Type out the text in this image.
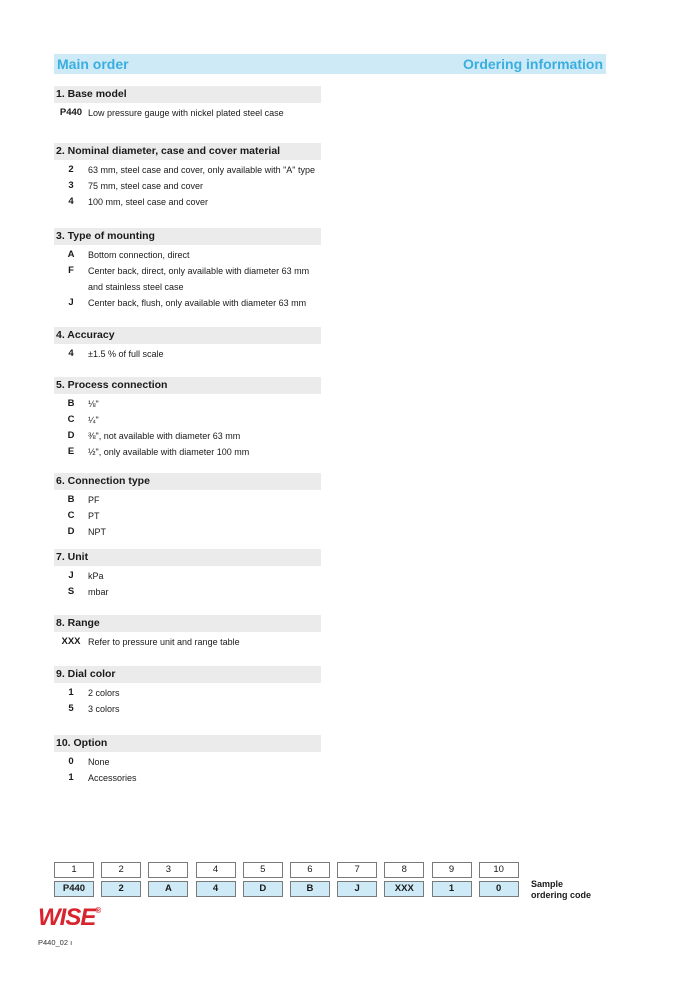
Main order	Ordering information
1. Base model
P440 Low pressure gauge with nickel plated steel case
2. Nominal diameter, case and cover material
2	63 mm, steel case and cover, only available with "A" type
3	75 mm, steel case and cover
4	100 mm, steel case and cover
3. Type of mounting
A	Bottom connection, direct
F	Center back, direct, only available with diameter 63 mm
and stainless steel case
J	Center back, flush, only available with diameter 63 mm
4. Accuracy
4	±1.5 % of full scale
5. Process connection
B	⅛"
C	¼"
D	⅜", not available with diameter 63 mm
E	½", only available with diameter 100 mm
6. Connection type
B	PF
C	PT
D	NPT
7. Unit
J	kPa
S	mbar
8. Range
XXX Refer to pressure unit and range table
9. Dial color
1	2 colors
5	3 colors
10. Option
0	None
1	Accessories
1	2	3	4	5	6	7	8	9	10
P440	2	A	4	D	B	J	XXX	1	0	Sample
ordering code
WISE®
P440_02 ı
